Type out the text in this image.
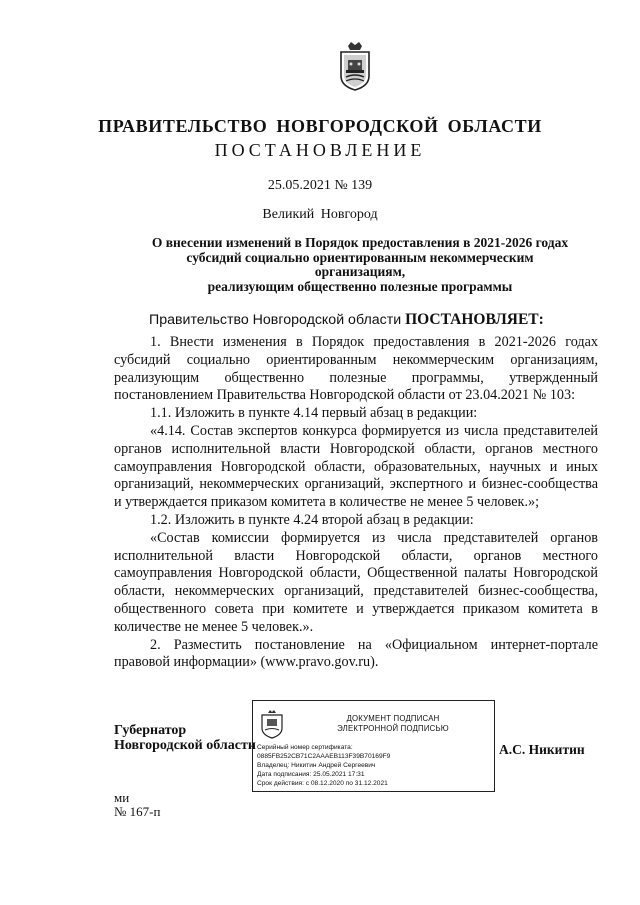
ПРАВИТЕЛЬСТВО НОВГОРОДСКОЙ ОБЛАСТИ
ПОСТАНОВЛЕНИЕ
25.05.2021 № 139
Великий Новгород
О внесении изменений в Порядок предоставления в 2021-2026 годах
субсидий социально ориентированным некоммерческим организациям,
реализующим общественно полезные программы
Правительство Новгородской области ПОСТАНОВЛЯЕТ:

1. Внести изменения в Порядок предоставления в 2021-2026 годах субсидий социально ориентированным некоммерческим организациям, реализующим общественно полезные программы, утвержденный постановлением Правительства Новгородской области от 23.04.2021 № 103:

1.1. Изложить в пункте 4.14 первый абзац в редакции:

«4.14. Состав экспертов конкурса формируется из числа представителей органов исполнительной власти Новгородской области, органов местного самоуправления Новгородской области, образовательных, научных и иных организаций, некоммерческих организаций, экспертного и бизнес-сообщества и утверждается приказом комитета в количестве не менее 5 человек.»;

1.2. Изложить в пункте 4.24 второй абзац в редакции:

«Состав комиссии формируется из числа представителей органов исполнительной власти Новгородской области, органов местного самоуправления Новгородской области, Общественной палаты Новгородской области, некоммерческих организаций, представителей бизнес-сообщества, общественного совета при комитете и утверждается приказом комитета в количестве не менее 5 человек.».

2. Разместить постановление на «Официальном интернет-портале правовой информации» (www.pravo.gov.ru).

Губернатор
Новгородской области
ДОКУМЕНТ ПОДПИСАН
ЭЛЕКТРОННОЙ ПОДПИСЬЮ
Серийный номер сертификата:
0885FB252CB71C2AAAEB113F39B70169F9
Владелец: Никитин Андрей Сергеевич
Дата подписания: 25.05.2021 17:31
Срок действия: с 08.12.2020 по 31.12.2021
А.С. Никитин
ми
№ 167-п
